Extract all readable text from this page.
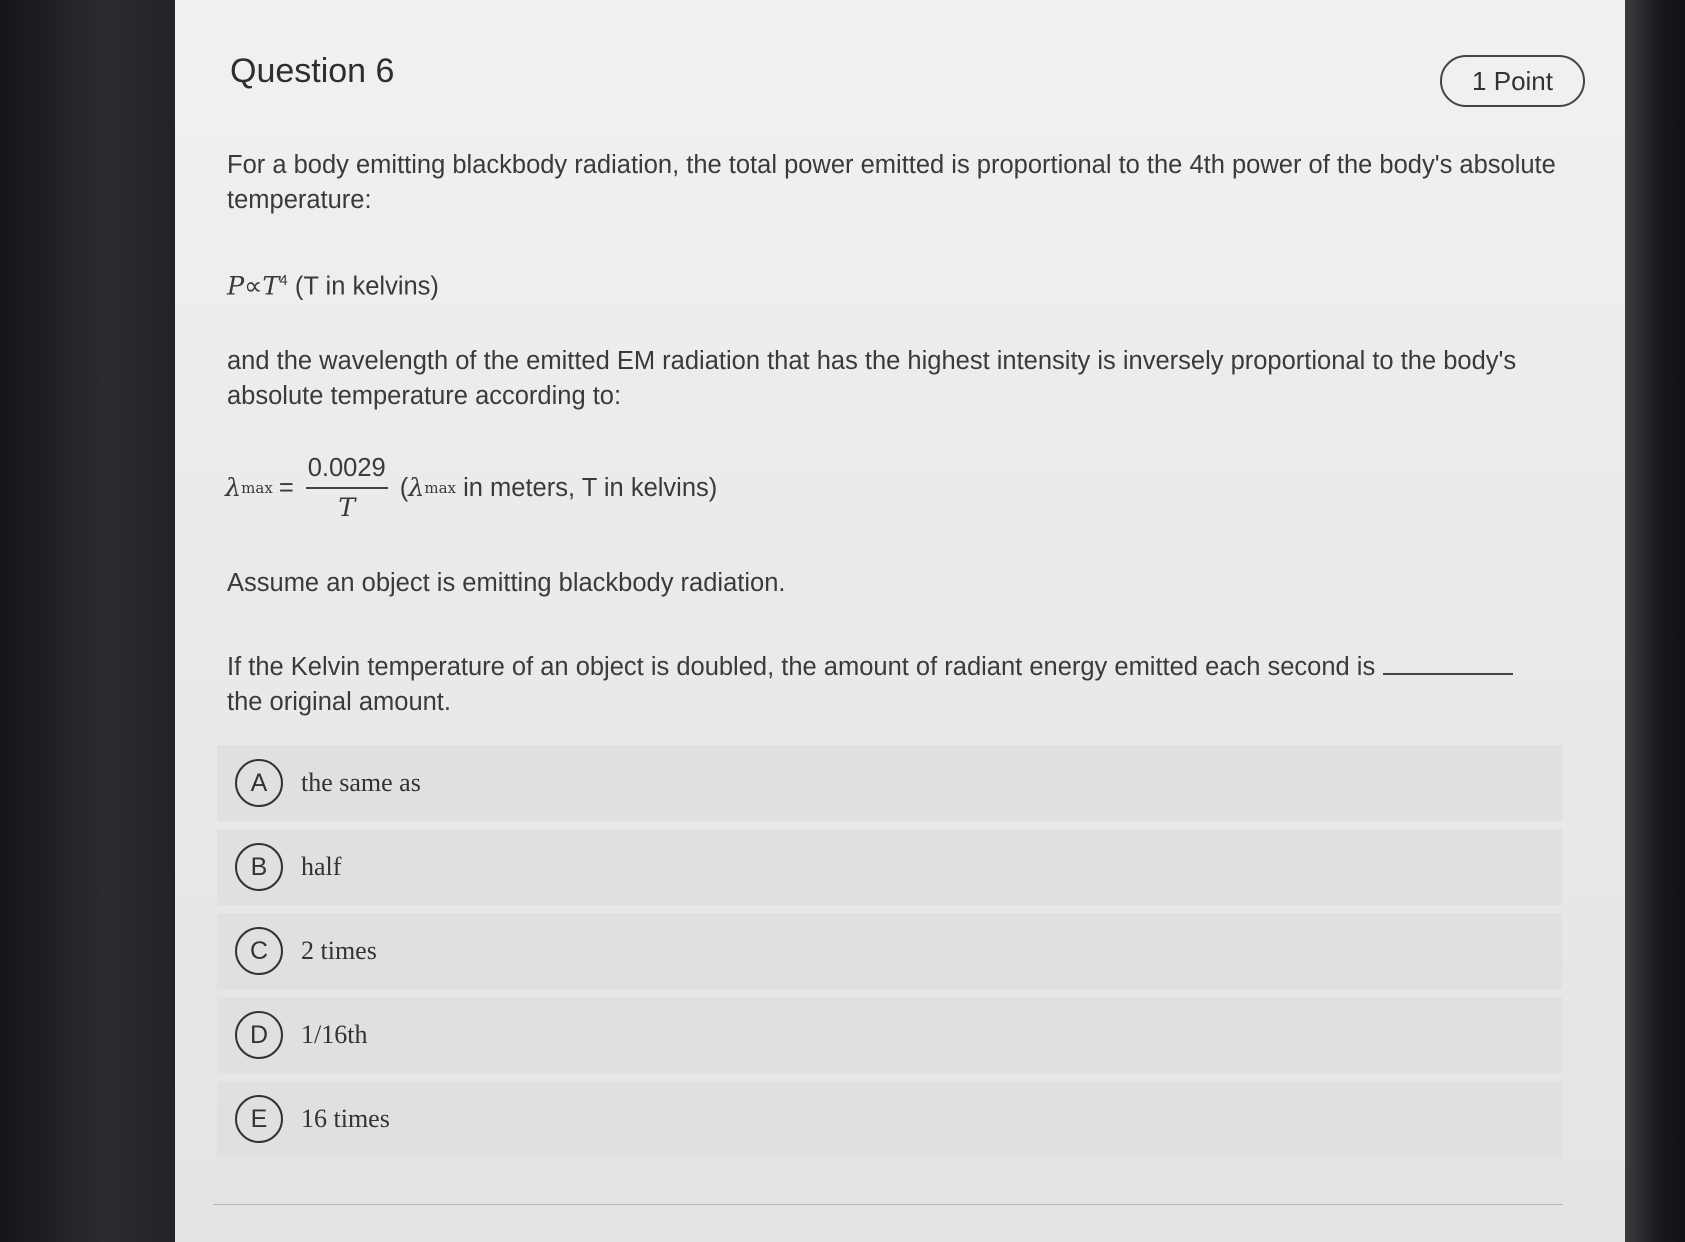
Question 6	1 Point
For a body emitting blackbody radiation, the total power emitted is proportional to the 4th power of the body's absolute temperature:
$P\propto T^4$ (T in kelvins)
and the wavelength of the emitted EM radiation that has the highest intensity is inversely proportional to the body's absolute temperature according to:
λ $\max = \frac{0.0029}{T}$ ( λ max in meters, T in kelvins)
Assume an object is emitting blackbody radiation.
If the Kelvin temperature of an object is doubled, the amount of radiant energy emitted each second is
the original amount.
A	the same as
B	half
C	2 times
D	1/16th
E	16 times
